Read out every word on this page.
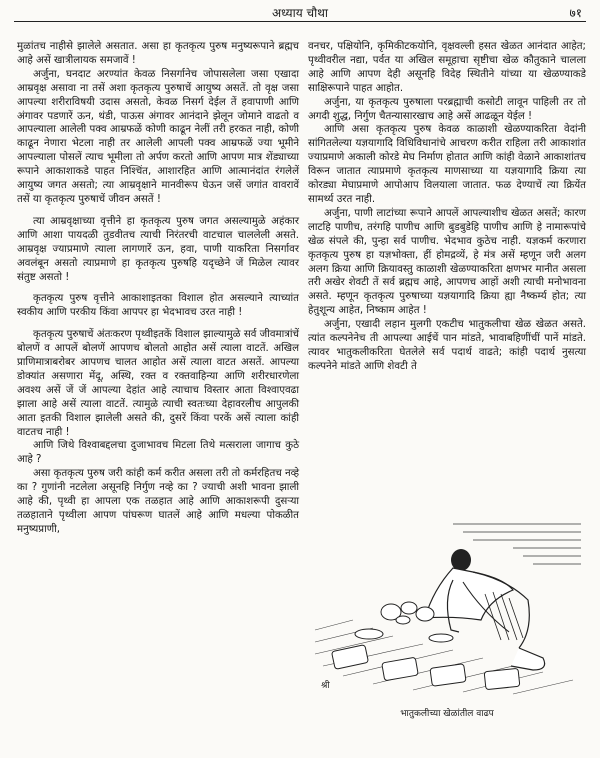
अध्याय चौथा	७१

मुळांतच नाहीसे झालेले असतात. असा हा कृतकृत्य पुरुष मनुष्यरूपाने ब्रह्मच आहे असें खात्रीलायक समजावें !

अर्जुना, घनदाट अरण्यांत केवळ निसर्गानेच जोपासलेला जसा एखादा आम्रवृक्ष असावा ना तसें अशा कृतकृत्य पुरुषाचें आयुष्य असतें. तो वृक्ष जसा आपल्या शरीराविषयी उदास असतो, केवळ निसर्ग देईल तें हवापाणी आणि अंगावर पडणारें ऊन, थंडी, पाऊस अंगावर आनंदाने झेलून जोमाने वाढतो व आपल्याला आलेली पक्व आम्रफळें कोणी काढून नेलीं तरी हरकत नाही, कोणी काढून नेणारा भेटला नाही तर आलेली आपली पक्व आम्रफळें ज्या भूमीने आपल्याला पोसलें त्याच भूमीला तो अर्पण करतो आणि आपण मात्र शेंड्याच्या रूपाने आकाशाकडे पाहत निश्चिंत, आशारहित आणि आत्मानंदांत रंगलेलें आयुष्य जगत असतो; त्या आम्रवृक्षाने मानवीरूप घेऊन जसें जगांत वावरावें तसें या कृतकृत्य पुरुषाचें जीवन असतें !

त्या आम्रवृक्षाच्या वृत्तीने हा कृतकृत्य पुरुष जगत असल्यामुळे अहंकार आणि आशा पायदळी तुडवीतच त्याची निरंतरची वाटचाल चाललेली असते. आम्रवृक्ष ज्याप्रमाणे त्याला लागणारें ऊन, हवा, पाणी याकरिता निसर्गावर अवलंबून असतो त्याप्रमाणे हा कृतकृत्य पुरुषहि यदृच्छेने जें मिळेल त्यावर संतुष्ट असतो !

कृतकृत्य पुरुष वृत्तीने आकाशाइतका विशाल होत असल्याने त्याच्यांत स्वकीय आणि परकीय किंवा आपपर हा भेदभावच उरत नाही !

कृतकृत्य पुरुषाचें अंतःकरण पृथ्वीइतकें विशाल झाल्यामुळे सर्व जीवमात्रांचें बोलणें व आपलें बोलणें आपणच बोलतो आहोत असें त्याला वाटतें. अखिल प्राणिमात्राबरोबर आपणच चालत आहोत असें त्याला वाटत असतें. आपल्या डोक्यांत असणारा मेंदू, अस्थि, रक्त व रक्तवाहिन्या आणि शरीरधारणेला अवश्य असें जें जें आपल्या देहांत आहे त्याचाच विस्तार आता विश्वाएवढा झाला आहे असें त्याला वाटतें. त्यामुळे त्याची स्वतःच्या देहावरलीच आपुलकी आता इतकी विशाल झालेली असते की, दुसरें किंवा परकें असें त्याला कांही वाटतच नाही !

आणि जिथे विश्वाबद्दलचा दुजाभावच मिटला तिथे मत्सराला जागाच कुठे आहे ?

असा कृतकृत्य पुरुष जरी कांही कर्म करीत असला तरी तो कर्मरहितच नव्हे का ? गुणांनी नटलेला असूनहि निर्गुण नव्हे का ? ज्याची अशी भावना झाली आहे की, पृथ्वी हा आपला एक तळहात आहे आणि आकाशरूपी दुसऱ्या तळहाताने पृथ्वीला आपण पांघरूण घातलें आहे आणि मधल्या पोकळीत मनुष्यप्राणी,

वनचर, पक्षियोनि, कृमिकीटकयोनि, वृक्षवल्ली हसत खेळत आनंदात आहेत; पृथ्वीवरील नद्या, पर्वत या अखिल समूहाचा सृष्टीचा खेळ कौतुकाने चालला आहे आणि आपण देही असूनहि विदेह स्थितीने यांच्या या खेळण्याकडे साक्षिरूपाने पाहत आहोत.

अर्जुना, या कृतकृत्य पुरुषाला परब्रह्माची कसोटी लावून पाहिली तर तो अगदी शुद्ध, निर्गुण चैतन्यासारखाच आहे असें आढळून येईल !

आणि असा कृतकृत्य पुरुष केवळ काळाशी खेळण्याकरिता वेदांनी सांगितलेल्या यज्ञयागादि विधिविधानांचे आचरण करीत राहिला तरी आकाशांत ज्याप्रमाणे अकाली कोरडे मेघ निर्माण होतात आणि कांही वेळाने आकाशांतच विरून जातात त्याप्रमाणे कृतकृत्य माणसाच्या या यज्ञयागादि क्रिया त्या कोरड्या मेघाप्रमाणे आपोआप विलयाला जातात. फळ देण्याचें त्या क्रियेंत सामर्थ्य उरत नाही.

अर्जुना, पाणी लाटांच्या रूपाने आपलें आपल्याशीच खेळत असतें; कारण लाटहि पाणीच, तरंगहि पाणीच आणि बुडबुडेहि पाणीच आणि हे नामारूपांचे खेळ संपले की, पुन्हा सर्व पाणीच. भेदभाव कुठेच नाही. यज्ञकर्म करणारा कृतकृत्य पुरुष हा यज्ञभोक्ता, हीं होमद्रव्यें, हे मंत्र असें म्हणून जरी अलग अलग क्रिया आणि क्रियावस्तु काळाशी खेळण्याकरिता क्षणभर मानीत असला तरी अखेर शेवटी तें सर्व ब्रह्मच आहे, आपणच आहों अशी त्याची मनोभावना असते. म्हणून कृतकृत्य पुरुषाच्या यज्ञयागादि क्रिया ह्या नैष्कर्म्य होत; त्या हेतुशून्य आहेत, निष्काम आहेत !

अर्जुना, एखादी लहान मुलगी एकटीच भातुकलीचा खेळ खेळत असते. त्यांत कल्पनेनेच ती आपल्या आईचें पान मांडते, भावाबहिणींचीं पानें मांडते. त्यावर भातुकलीकरिता घेतलेले सर्व पदार्थ वाढते; कांही पदार्थ नुसत्या कल्पनेने मांडते आणि शेवटी ते

श्री
भातुकलीच्या खेळांतील वाढप
